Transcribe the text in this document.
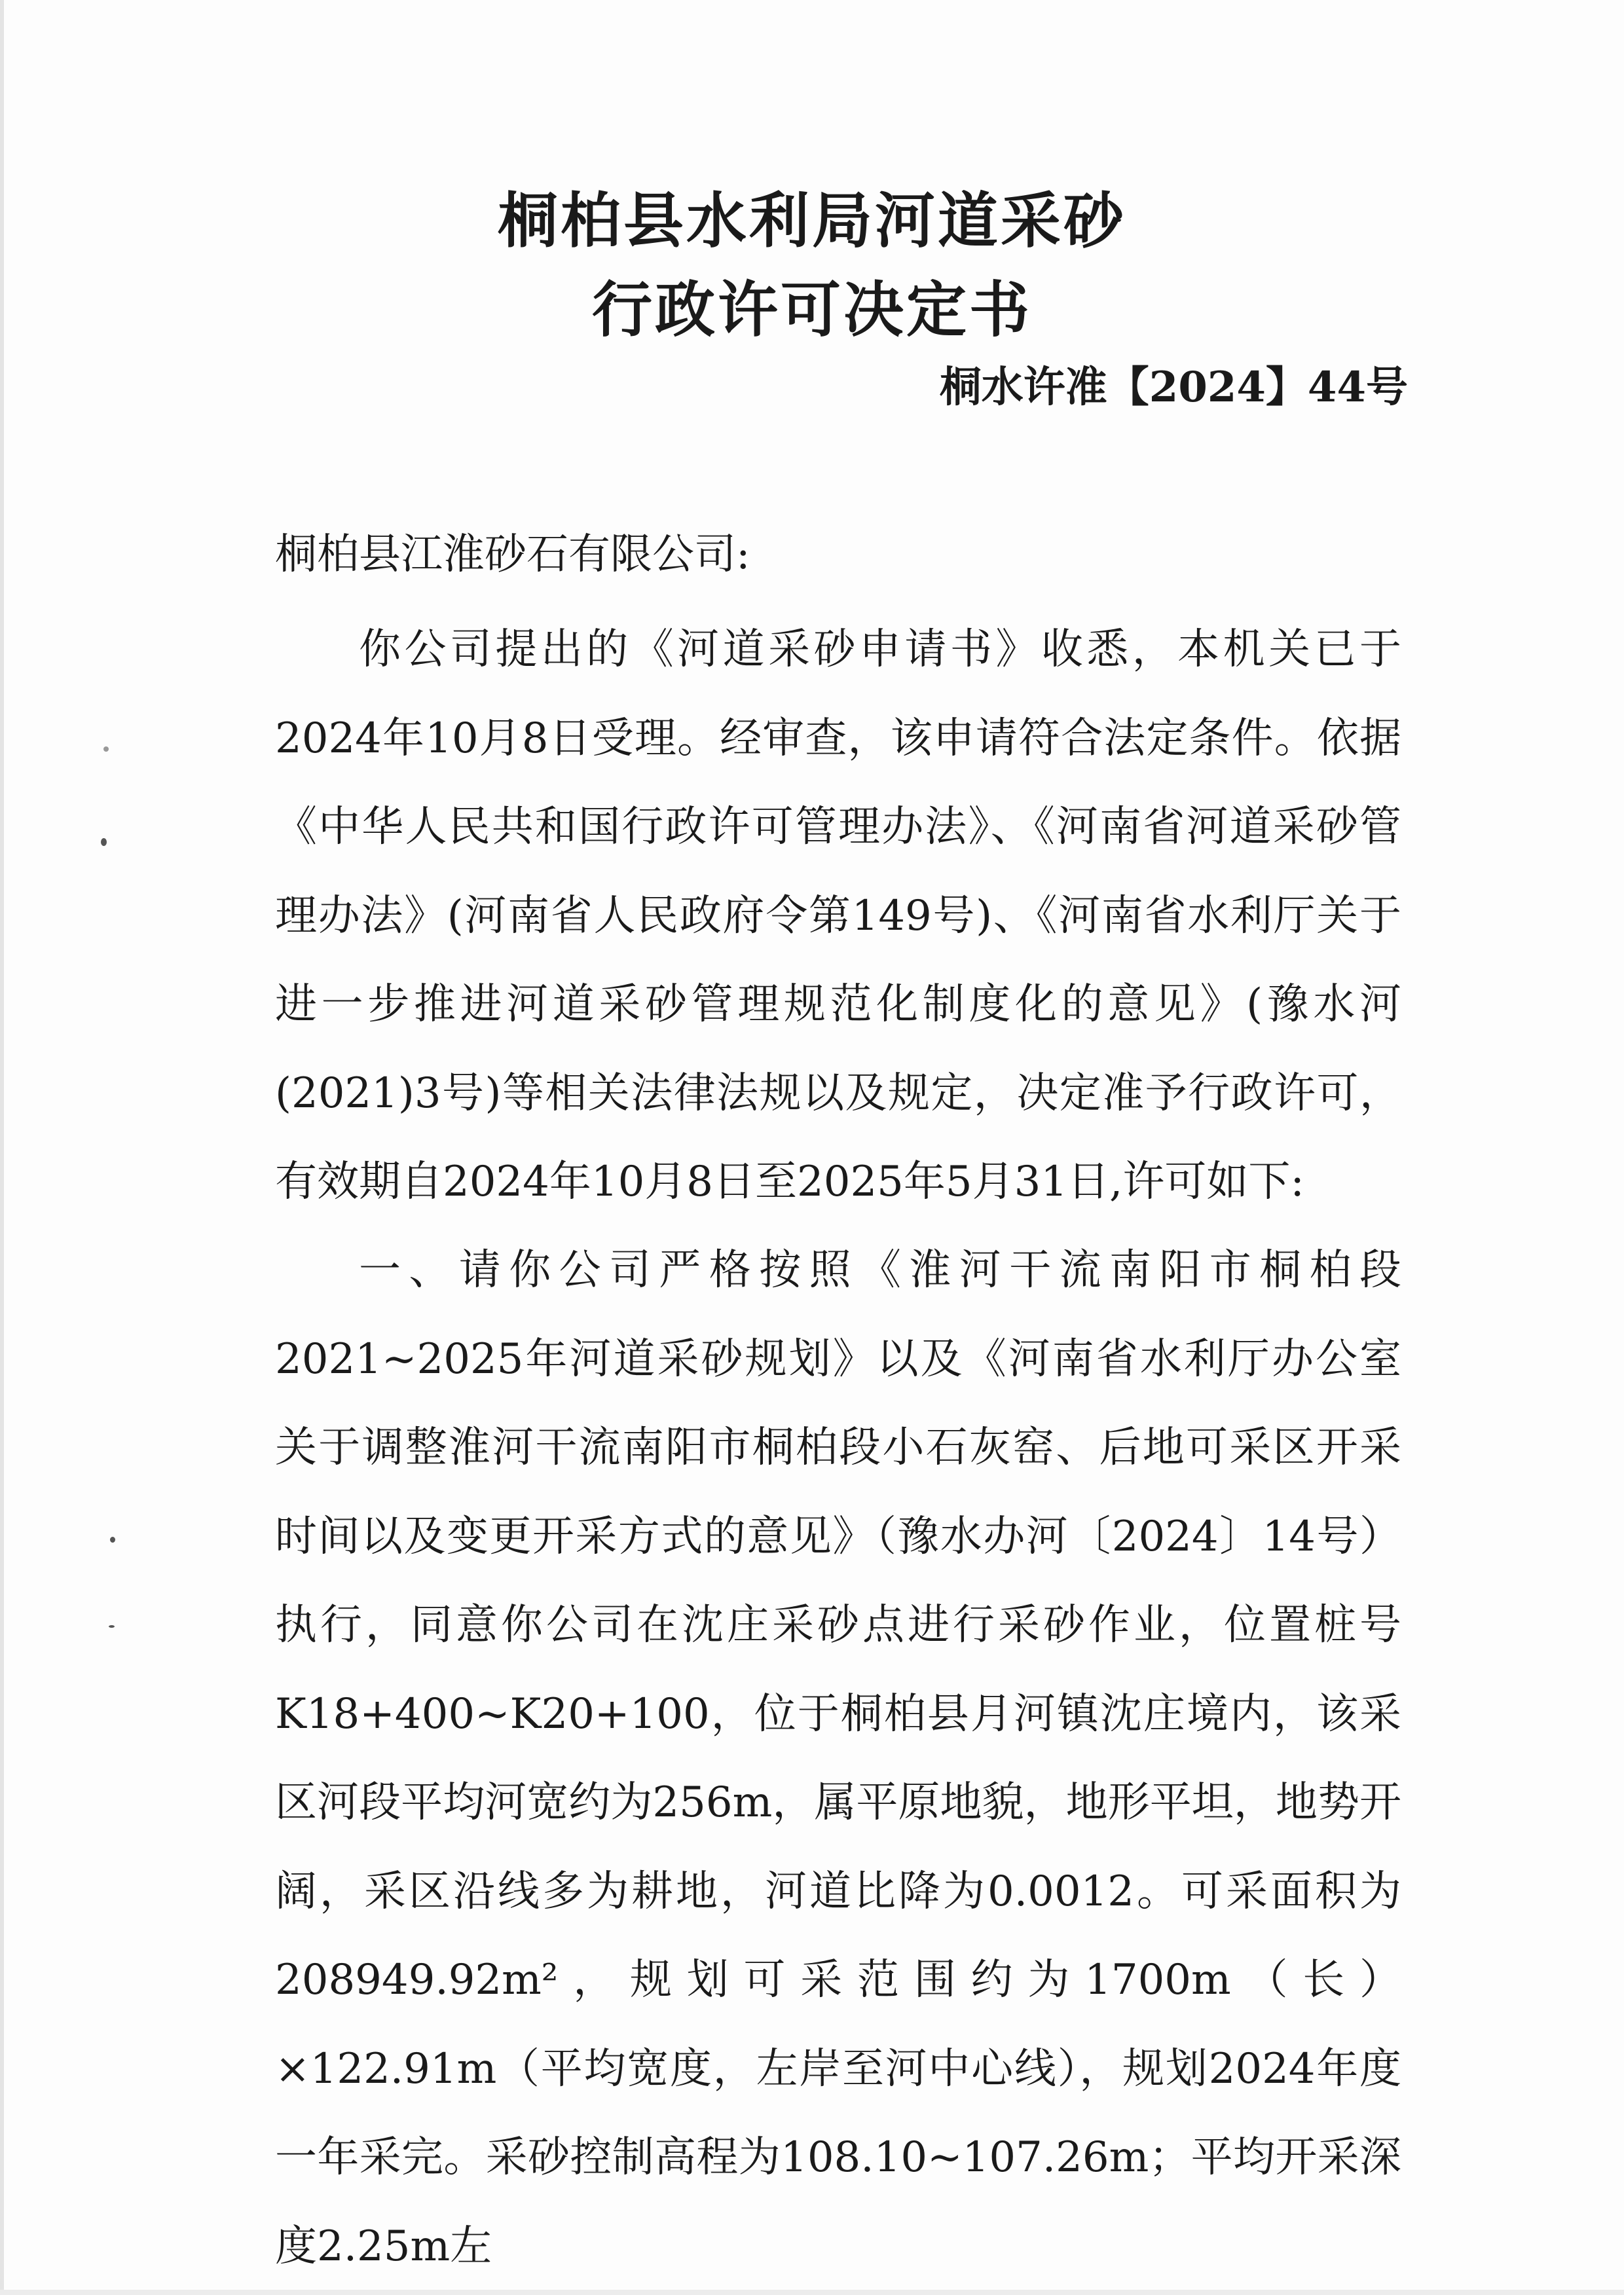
桐柏县水利局河道采砂
行政许可决定书
桐水许准【2024】44号
桐柏县江淮砂石有限公司:

你公司提出的《河道采砂申请书》收悉，本机关已于2024年10月8日受理。经审查，该申请符合法定条件。依据《中华人民共和国行政许可管理办法》、《河南省河道采砂管理办法》(河南省人民政府令第149号)、《河南省水利厅关于进一步推进河道采砂管理规范化制度化的意见》(豫水河(2021)3号)等相关法律法规以及规定，决定准予行政许可，有效期自2024年10月8日至2025年5月31日,许可如下:

一、请你公司严格按照《淮河干流南阳市桐柏段2021~2025年河道采砂规划》以及《河南省水利厅办公室关于调整淮河干流南阳市桐柏段小石灰窑、后地可采区开采时间以及变更开采方式的意见》（豫水办河〔2024〕14号）执行，同意你公司在沈庄采砂点进行采砂作业，位置桩号K18+400~K20+100，位于桐柏县月河镇沈庄境内，该采区河段平均河宽约为256m，属平原地貌，地形平坦，地势开阔，采区沿线多为耕地，河道比降为0.0012。可采面积为208949.92m²，规划可采范围约为1700m（长）×122.91m（平均宽度，左岸至河中心线），规划2024年度一年采完。采砂控制高程为108.10~107.26m；平均开采深度2.25m左
